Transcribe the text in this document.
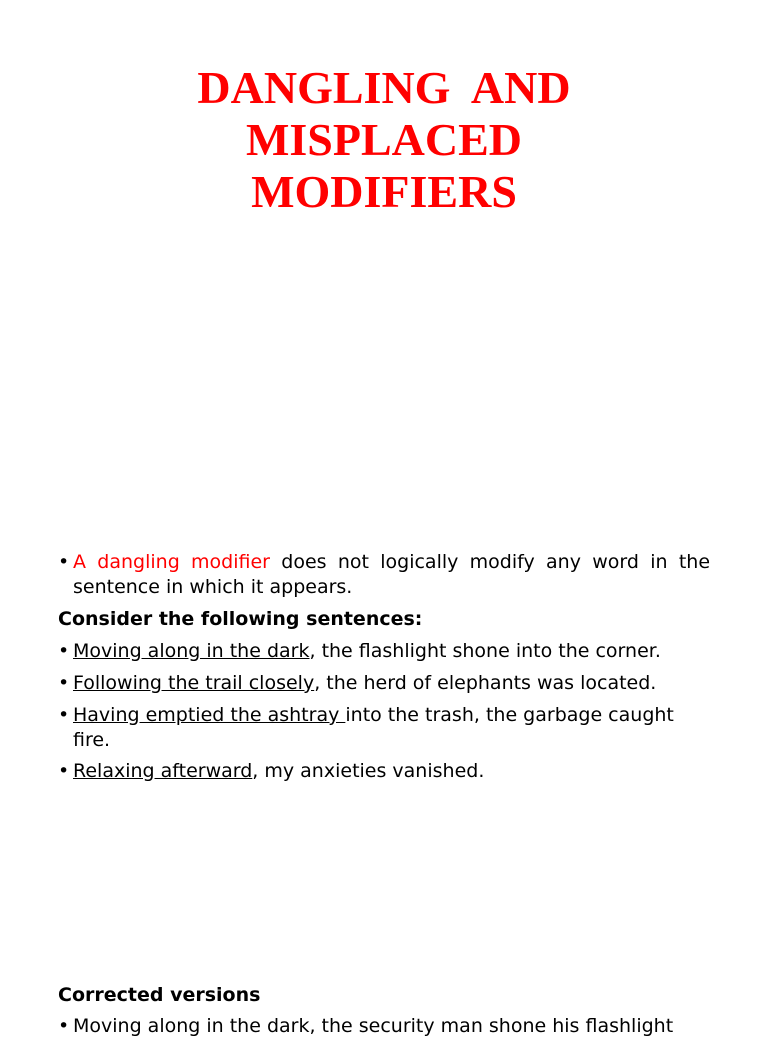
DANGLING  AND
MISPLACED
MODIFIERS
• A dangling modifier does not logically modify any word in the sentence in which it appears.
Consider the following sentences:
• Moving along in the dark, the flashlight shone into the corner.
• Following the trail closely, the herd of elephants was located.
• Having emptied the ashtray into the trash, the garbage caught fire.
• Relaxing afterward, my anxieties vanished.
Corrected versions
• Moving along in the dark, the security man shone his flashlight
